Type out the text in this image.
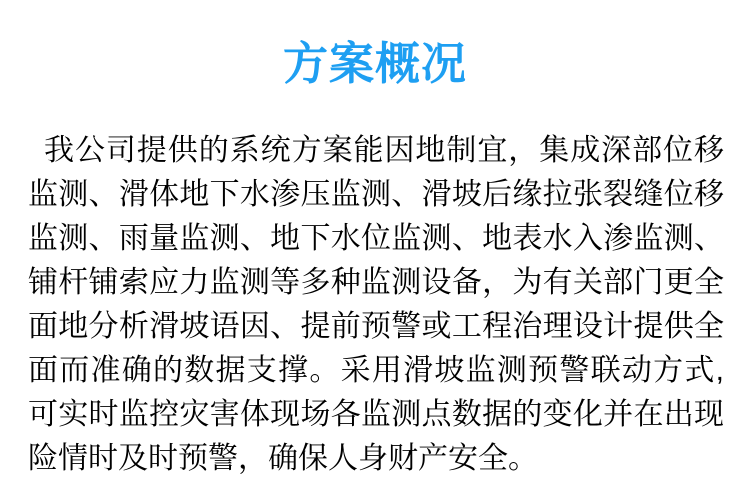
方案概况
我公司提供的系统方案能因地制宜，集成深部位移
监测、滑体地下水渗压监测、滑坡后缘拉张裂缝位移
监测、雨量监测、地下水位监测、地表水入渗监测、
铺杆铺索应力监测等多种监测设备，为有关部门更全
面地分析滑坡语因、提前预警或工程治理设计提供全
面而准确的数据支撑。采用滑坡监测预警联动方式,
可实时监控灾害体现场各监测点数据的变化并在出现
险情时及时预警，确保人身财产安全。
